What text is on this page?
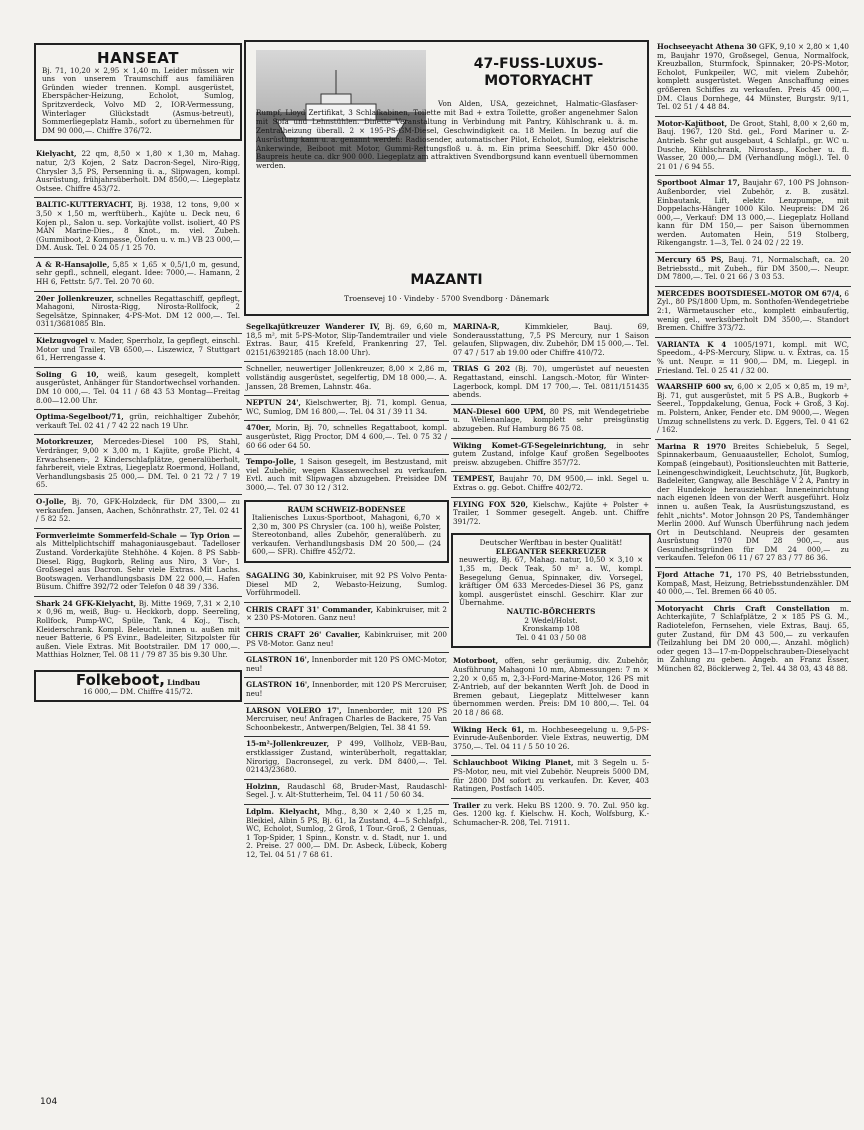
HANSEAT
Bj. 71, 10,20 × 2,95 × 1,40 m. Leider müssen wir uns von unserem Traumschiff aus familiären Gründen wieder trennen. Kompl. ausgerüstet, Eberspächer-Heizung, Echolot, Sumlog, Spritzverdeck, Volvo MD 2, IOR-Vermessung, Winterlager Glückstadt (Asmus-betreut), Sommerliegeplatz Hamb., sofort zu übernehmen für DM 90 000,—. Chiffre 376/72.
Kielyacht, 22 qm, 8,50 × 1,80 × 1,30 m, Mahag. natur, 2/3 Kojen, 2 Satz Dacron-Segel, Niro-Rigg, Chrysler 3,5 PS, Persenning ü. a., Slipwagen, kompl. Ausrüstung, frühjahrsüberholt. DM 8500,—. Liegeplatz Ostsee. Chiffre 453/72.
BALTIC-KUTTERYACHT, Bj. 1938, 12 tons, 9,00 × 3,50 × 1,50 m, werftüberh., Kajüte u. Deck neu, 6 Kojen pl., Salon u. sep. Vorkajüte vollst. isoliert, 40 PS MAN Marine-Dies., 8 Knot., m. viel. Zubeh. (Gummiboot, 2 Kompasse, Ölofen u. v. m.) VB 23 000,— DM. Ausk. Tel. 0 24 05 / 1 25 70.
A & R-Hansajolle, 5,85 × 1,65 × 0,5/1,0 m, gesund, sehr gepfl., schnell, elegant. Idee: 7000,—. Hamann, 2 HH 6, Fettstr. 5/7. Tel. 20 70 60.
20er Jollenkreuzer, schnelles Regattaschiff, gepflegt, Mahagoni, Nirosta-Rigg, Nirosta-Rollfock, 2 Segelsätze, Spinnaker, 4-PS-Mot. DM 12 000,—. Tel. 0311/3681085 Bln.
Kielzugvogel v. Mader, Sperrholz, Ia gepflegt, einschl. Motor und Trailer, VB 6500,—. Liszewicz, 7 Stuttgart 61, Herrengasse 4.
Soling G 10, weiß, kaum gesegelt, komplett ausgerüstet, Anhänger für Standortwechsel vorhanden. DM 10 000,—. Tel. 04 11 / 68 43 53 Montag—Freitag 8.00—12.00 Uhr.
Optima-Segelboot/71, grün, reichhaltiger Zubehör, verkauft Tel. 02 41 / 7 42 22 nach 19 Uhr.
Motorkreuzer, Mercedes-Diesel 100 PS, Stahl, Verdränger, 9,00 × 3,00 m, 1 Kajüte, große Plicht, 4 Erwachsenen-, 2 Kinderschlafplätze, generalüberholt, fahrbereit, viele Extras, Liegeplatz Roermond, Holland, Verhandlungsbasis 25 000,— DM. Tel. 0 21 72 / 7 19 65.
O-Jolle, Bj. 70, GFK-Holzdeck, für DM 3300,— zu verkaufen. Jansen, Aachen, Schönrathstr. 27, Tel. 02 41 / 5 82 52.
Formverleimte Sommerfeld-Schale — Typ Orion — als Mittelplichtschiff mahagoniausgebaut. Tadelloser Zustand. Vorderkajüte Stehhöhe. 4 Kojen. 8 PS Sabb-Diesel. Rigg, Bugkorb, Reling aus Niro, 3 Vor-, 1 Großsegel aus Dacron. Sehr viele Extras. Mit Lachs. Bootswagen. Verhandlungsbasis DM 22 000,—. Hafen Büsum. Chiffre 392/72 oder Telefon 0 48 39 / 336.
Shark 24 GFK-Kielyacht, Bj. Mitte 1969, 7,31 × 2,10 × 0,96 m, weiß, Bug- u. Heckkorb, dopp. Seereling, Rollfock, Pump-WC, Spüle, Tank, 4 Koj., Tisch, Kleiderschrank. Kompl. Beleucht. innen u. außen mit neuer Batterie, 6 PS Evinr., Badeleiter, Sitzpolster für außen. Viele Extras. Mit Bootstrailer. DM 17 000,—. Matthias Holzner, Tel. 08 11 / 79 87 35 bis 9.30 Uhr.
Folkeboot, Lindbau
16 000,— DM. Chiffre 415/72.
47-FUSS-LUXUS-MOTORYACHT
Von Alden, USA, gezeichnet, Halmatic-Glasfaser-Rumpf, Lloyd Zertifikat, 3 Schlafkabinen, Toilette mit Bad + extra Toilette, großer angenehmer Salon mit Sofa und Lehnstühlen. Dinette Veranstaltung in Verbindung mit Pantry, Kühlschrank u. ä. m. Zentralheizung überall. 2 × 195-PS-GM-Diesel, Geschwindigkeit ca. 18 Meilen. In bezug auf die Ausrüstung kann u. a. genannt werden: Radiosender, automatischer Pilot, Echolot, Sumlog, elektrische Ankerwinde, Beiboot mit Motor, Gummi-Rettungsfloß u. ä. m. Ein prima Seeschiff. Dkr 450 000. Baupreis heute ca. dkr 900 000. Liegeplatz am attraktiven Svendborgsund kann eventuell übernommen werden.
MAZANTI
Troensevej 10 · Vindeby · 5700 Svendborg · Dänemark
Segelkajütkreuzer Wanderer IV, Bj. 69, 6,60 m, 18,5 m², mit 5-PS-Motor, Slip-Tandemtrailer und viele Extras. Baur, 415 Krefeld, Frankenring 27, Tel. 02151/6392185 (nach 18.00 Uhr).
Schneller, neuwertiger Jollenkreuzer, 8,00 × 2,86 m, vollständig ausgerüstet, segelfertig, DM 18 000,—. A. Janssen, 28 Bremen, Lahnstr. 46a.
NEPTUN 24', Kielschwerter, Bj. 71, kompl. Genua, WC, Sumlog, DM 16 800,—. Tel. 04 31 / 39 11 34.
470er, Morin, Bj. 70, schnelles Regattaboot, kompl. ausgerüstet, Rigg Proctor, DM 4 600,—. Tel. 0 75 32 / 60 66 oder 64 50.
Tempo-Jolle, 1 Saison gesegelt, im Bestzustand, mit viel Zubehör, wegen Klassenwechsel zu verkaufen. Evtl. auch mit Slipwagen abzugeben. Preisidee DM 3000,—. Tel. 07 30 12 / 312.
RAUM SCHWEIZ-BODENSEE
Italienisches Luxus-Sportboot, Mahagoni, 6,70 × 2,30 m, 300 PS Chrysler (ca. 100 h), weiße Polster, Stereotonband, alles Zubehör, generalüberh. zu verkaufen. Verhandlungsbasis DM 20 500,— (24 600,— SFR). Chiffre 452/72.
SAGALING 30, Kabinkruiser, mit 92 PS Volvo Penta-Diesel MD 2, Webasto-Heizung, Sumlog. Vorführmodell.
CHRIS CRAFT 31' Commander, Kabinkruiser, mit 2 × 230 PS-Motoren. Ganz neu!
CHRIS CRAFT 26' Cavalier, Kabinkruiser, mit 200 PS V8-Motor. Ganz neu!
GLASTRON 16', Innenborder mit 120 PS OMC-Motor, neu!
GLASTRON 16', Innenborder, mit 120 PS Mercruiser, neu!
LARSON VOLERO 17', Innenborder, mit 120 PS Mercruiser, neu! Anfragen Charles de Backere, 75 Van Schoonbekestr., Antwerpen/Belgien, Tel. 38 41 59.
15-m²-Jollenkreuzer, P 499, Vollholz, VEB-Bau, erstklassiger Zustand, winterüberholt, regattaklar, Nirorigg, Dacronsegel, zu verk. DM 8400,—. Tel. 02143/23680.
Holzinn, Raudaschl 68, Bruder-Mast, Raudaschl-Segel. J. v. Alt-Stutterheim, Tel. 04 11 / 50 60 34.
Ldplm. Kielyacht, Mhg., 8,30 × 2,40 × 1,25 m, Bleikiel, Albin 5 PS, Bj. 61, Ia Zustand, 4—5 Schlafpl., WC, Echolot, Sumlog, 2 Groß, 1 Tour.-Groß, 2 Genuas, 1 Top-Spider, 1 Spinn., Konstr. v. d. Stadt, nur 1. und 2. Preise. 27 000,— DM. Dr. Asbeck, Lübeck, Koberg 12, Tel. 04 51 / 7 68 61.
MARINA-R,	Kimmkieler, Bauj. 69, Sonderausstattung, 7,5 PS Mercury, nur 1 Saison gelaufen, Slipwagen, div. Zubehör, DM 15 000,—. Tel. 07 47 / 517 ab 19.00 oder Chiffre 410/72.
TRIAS G 202 (Bj. 70), umgerüstet auf neuesten Regattastand, einschl. Langsch.-Motor, für Winter-Lagerbock, kompl. DM 17 700,—. Tel. 0811/151435 abends.
MAN-Diesel 600 UPM, 80 PS, mit Wendegetriebe u. Wellenanlage, komplett sehr preisgünstig abzugeben. Ruf Hamburg 86 75 08.
Wiking Komet-GT-Segeleinrichtung, in sehr gutem Zustand, infolge Kauf großen Segelbootes preisw. abzugeben. Chiffre 357/72.
TEMPEST, Baujahr 70, DM 9500,— inkl. Segel u. Extras o. gg. Gebot. Chiffre 402/72.
FLYING FOX 520, Kielschw., Kajüte + Polster + Trailer, 1 Sommer gesegelt. Angeb. unt. Chiffre 391/72.
Deutscher Werftbau in bester Qualität!
ELEGANTER SEEKREUZER
neuwertig, Bj. 67, Mahag. natur, 10,50 × 3,10 × 1,35 m, Deck Teak, 50 m² a. W., kompl. Besegelung Genua, Spinnaker, div. Vorsegel, kräftiger OM 633 Mercedes-Diesel 36 PS, ganz kompl. ausgerüstet einschl. Geschirr. Klar zur Übernahme.
NAUTIC-BÖRCHERTS
2 Wedel/Holst.
Kronskamp 108
Tel. 0 41 03 / 50 08
Motorboot, offen, sehr geräumig, div. Zubehör, Ausführung Mahagoni 10 mm, Abmessungen: 7 m × 2,20 × 0,65 m, 2,3-l-Ford-Marine-Motor, 126 PS mit Z-Antrieb, auf der bekannten Werft Joh. de Dood in Bremen gebaut, Liegeplatz Mittelweser kann übernommen werden. Preis: DM 10 800,—. Tel. 04 20 18 / 86 68.
Wiking Heck 61, m. Hochbeseegelung u. 9,5-PS-Evinrude-Außenborder. Viele Extras, neuwertig, DM 3750,—. Tel. 04 11 / 5 50 10 26.
Schlauchboot Wiking Planet, mit 3 Segeln u. 5-PS-Motor, neu, mit viel Zubehör. Neupreis 5000 DM, für 2800 DM sofort zu verkaufen. Dr. Kever, 403 Ratingen, Postfach 1405.
Trailer zu verk. Heku BS 1200. 9. 70. Zul. 950 kg. Ges. 1200 kg. f. Kielschw. H. Koch, Wolfsburg, K.-Schumacher-R. 208, Tel. 71911.
Hochseeyacht Athena 30 GFK, 9,10 × 2,80 × 1,40 m, Baujahr 1970, Großsegel, Genua, Normalfock, Kreuzballon, Sturmfock, Spinnaker, 20-PS-Motor, Echolot, Funkpeiler, WC, mit vielem Zubehör, komplett ausgerüstet. Wegen Anschaffung eines größeren Schiffes zu verkaufen. Preis 45 000,— DM. Claus Dornhege, 44 Münster, Burgstr. 9/11, Tel. 02 51 / 4 48 84.
Motor-Kajütboot, De Groot, Stahl, 8,00 × 2,60 m, Bauj. 1967, 120 Std. gel., Ford Mariner u. Z-Antrieb. Sehr gut ausgebaut, 4 Schlafpl., gr. WC u. Dusche, Kühlschrank, Nirostasp., Kocher u. fl. Wasser, 20 000,— DM (Verhandlung mögl.). Tel. 0 21 01 / 6 94 55.
Sportboot Almar 17, Baujahr 67, 100 PS Johnson-Außenborder, viel Zubehör, z. B. zusätzl. Einbautank, Lift, elektr. Lenzpumpe, mit Doppelachs-Hänger 1000 Kilo. Neupreis: DM 26 000,—, Verkauf: DM 13 000,—. Liegeplatz Holland kann für DM 150,— per Saison übernommen werden. Automaten Hein, 519 Stolberg, Rikengangstr. 1—3, Tel. 0 24 02 / 22 19.
Mercury 65 PS, Bauj. 71, Normalschaft, ca. 20 Betriebsstd., mit Zubeh., für DM 3500,—. Neupr. DM 7800,—. Tel. 0 21 66 / 3 03 53.
MERCEDES BOOTSDIESEL-MOTOR OM 67/4, 6 Zyl., 80 PS/1800 Upm, m. Sonthofen-Wendegetriebe 2:1, Wärmetauscher etc., komplett einbaufertig, wenig gel., werksüberholt DM 3500,—. Standort Bremen. Chiffre 373/72.
VARIANTA K 4 1005/1971, kompl. mit WC, Speedom., 4-PS-Mercury, Slipw. u. v. Extras, ca. 15 % unt. Neupr. = 11 900,— DM, m. Liegepl. in Friesland. Tel. 0 25 41 / 32 00.
WAARSHIP 600 sv, 6,00 × 2,05 × 0,85 m, 19 m², Bj. 71, gut ausgerüstet, mit 5 PS A.B., Bugkorb + Seerel., Toppdakelung, Genua, Fock + Groß, 3 Koj. m. Polstern, Anker, Fender etc. DM 9000,—. Wegen Umzug schnellstens zu verk. D. Eggers, Tel. 0 41 62 / 162.
Marina R 1970 Breites Schiebeluk, 5 Segel, Spinnakerbaum, Genuaausteller, Echolot, Sumlog, Kompaß (eingebaut), Positionsleuchten mit Batterie, Leinengeschwindigkeit, Leuchtschutz, Jüt, Bugkorb, Badeleiter, Gangway, alle Beschläge V 2 A, Pantry in der Hundekoje herausziehbar. Inneneinrichtung nach eigenen Ideen von der Werft ausgeführt. Holz innen u. außen Teak, Ia Ausrüstungszustand, es fehlt „nichts". Motor Johnson 20 PS, Tandemhänger Merlin 2000. Auf Wunsch Überführung nach jedem Ort in Deutschland. Neupreis der gesamten Ausrüstung 1970 DM 28 900,—, aus Gesundheitsgründen für DM 24 000,— zu verkaufen. Telefon 06 11 / 67 27 83 / 77 86 36.
Fjord Attache 71, 170 PS, 40 Betriebsstunden, Kompaß, Mast, Heizung, Betriebsstundenzähler. DM 40 000,—. Tel. Bremen 66 40 05.
Motoryacht Chris Craft Constellation m. Achterkajüte, 7 Schlafplätze, 2 × 185 PS G. M., Radiotelefon, Fernsehen, viele Extras, Bauj. 65, guter Zustand, für DM 43 500,— zu verkaufen (Teilzahlung bei DM 20 000,—. Anzahl. möglich) oder gegen 13—17-m-Doppelschrauben-Dieselyacht in Zahlung zu geben. Angeb. an Franz Esser, München 82, Böcklerweg 2, Tel. 44 38 03, 43 48 88.
104
